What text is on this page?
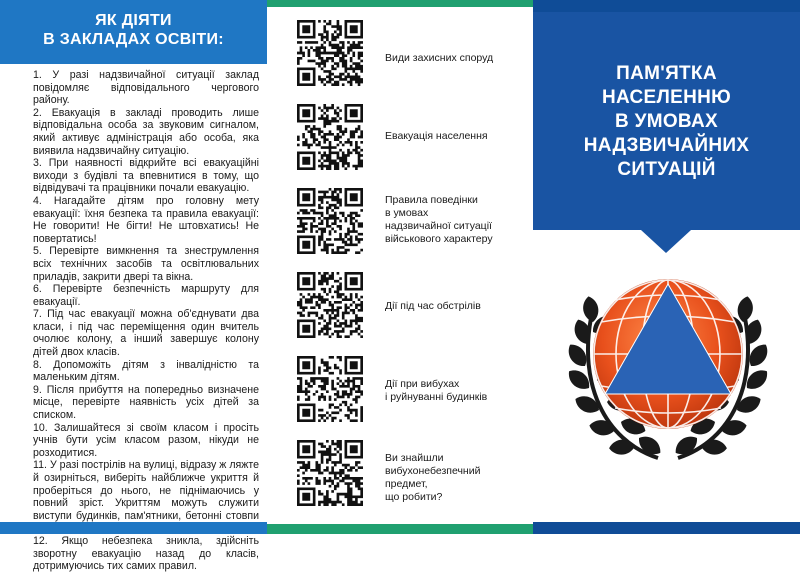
ЯК ДІЯТИ
В ЗАКЛАДАХ ОСВІТИ:

1. У разі надзвичайної ситуації заклад повідомляє відповідального чергового району.

2. Евакуація в закладі проводить лише відповідальна особа за звуковим сигналом, який активує адміністрація або особа, яка виявила надзвичайну ситуацію.

3. При наявності відкрийте всі евакуаційні виходи з будівлі та впевнитися в тому, що відвідувачі та працівники почали евакуацію.

4. Нагадайте дітям про головну мету евакуації: їхня безпека та правила евакуації: Не говорити! Не бігти! Не штовхатись! Не повертатись!

5. Перевірте вимкнення та знеструмлення всіх технічних засобів та освітлювальних приладів, закрити двері та вікна.

6. Перевірте безпечність маршруту для евакуації.

7. Під час евакуації можна об'єднувати два класи, і під час переміщення один вчитель очолює колону, а інший завершує колону дітей двох класів.

8. Допоможіть дітям з інвалідністю та маленьким дітям.

9. Після прибуття на попередньо визначене місце, перевірте наявність усіх дітей за списком.

10. Залишайтеся зі своїм класом і просіть учнів бути усім класом разом, нікуди не розходитися.

11. У разі пострілів на вулиці, відразу ж ляжте й озирніться, виберіть найближче укриття й проберіться до нього, не піднімаючись у повний зріст. Укриттям можуть служити виступи будинків, пам'ятники, бетонні стовпи

12. Якщо небезпека зникла, здійсніть зворотну евакуацію назад до класів, дотримуючись тих самих правил.

Види захисних споруд
Евакуація населення
Правила поведінки
в умовах
надзвичайної ситуації
військового характеру
Дії під час обстрілів
Дії при вибухах
і руйнуванні будинків
Ви знайшли
вибухонебезпечний
предмет,
що робити?
ПАМ'ЯТКА
НАСЕЛЕННЮ
В УМОВАХ
НАДЗВИЧАЙНИХ
СИТУАЦІЙ
